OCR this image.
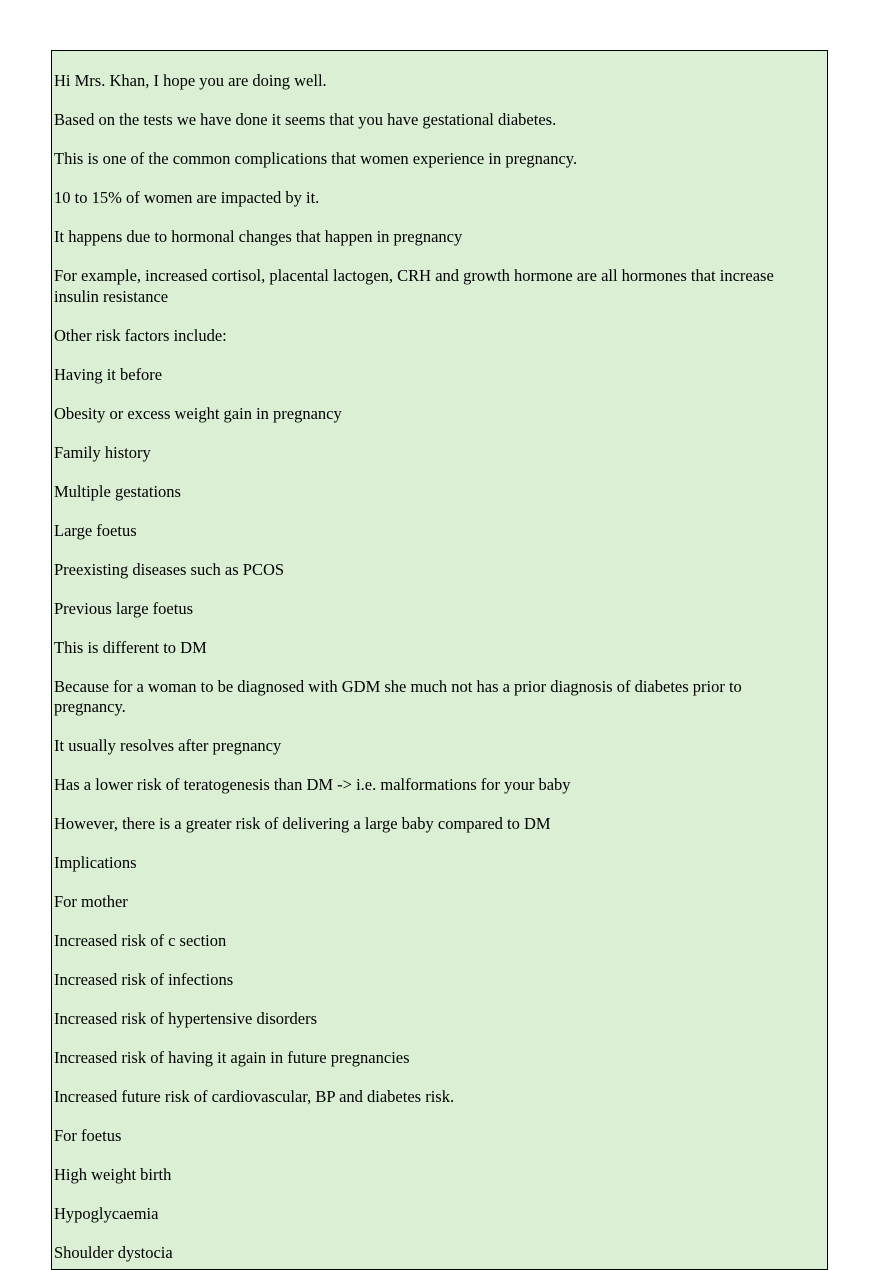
Hi Mrs. Khan, I hope you are doing well.

Based on the tests we have done it seems that you have gestational diabetes.

This is one of the common complications that women experience in pregnancy.

10 to 15% of women are impacted by it.

It happens due to hormonal changes that happen in pregnancy

For example, increased cortisol, placental lactogen, CRH and growth hormone are all hormones that increase insulin resistance

Other risk factors include:

Having it before

Obesity or excess weight gain in pregnancy

Family history

Multiple gestations

Large foetus

Preexisting diseases such as PCOS

Previous large foetus

This is different to DM

Because for a woman to be diagnosed with GDM she much not has a prior diagnosis of diabetes prior to pregnancy.

It usually resolves after pregnancy

Has a lower risk of teratogenesis than DM -> i.e. malformations for your baby

However, there is a greater risk of delivering a large baby compared to DM

Implications

For mother

Increased risk of c section

Increased risk of infections

Increased risk of hypertensive disorders

Increased risk of having it again in future pregnancies

Increased future risk of cardiovascular, BP and diabetes risk.

For foetus

High weight birth

Hypoglycaemia

Shoulder dystocia
